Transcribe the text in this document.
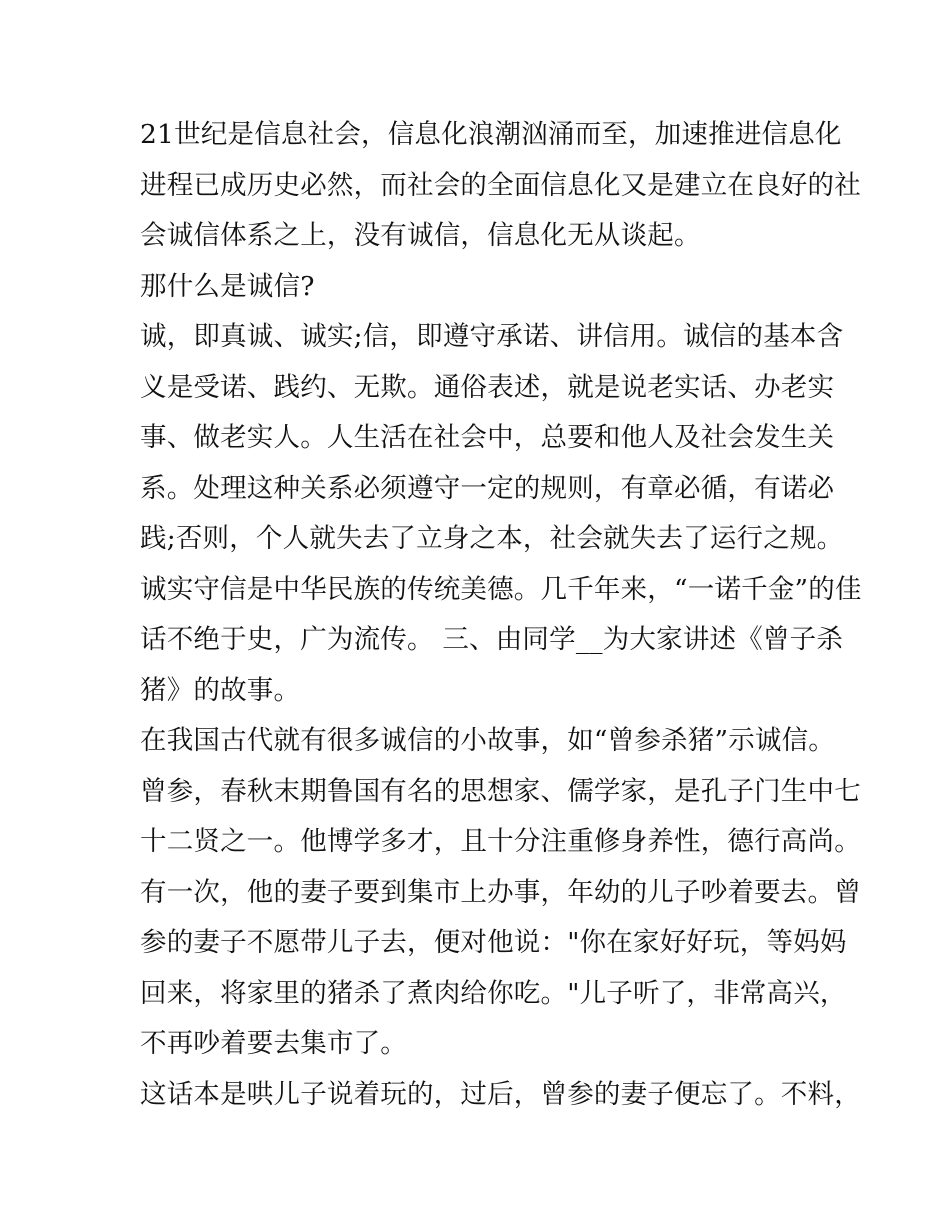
21世纪是信息社会，信息化浪潮汹涌而至，加速推进信息化
进程已成历史必然，而社会的全面信息化又是建立在良好的社
会诚信体系之上，没有诚信，信息化无从谈起。

那什么是诚信?

诚，即真诚、诚实;信，即遵守承诺、讲信用。诚信的基本含
义是受诺、践约、无欺。通俗表述，就是说老实话、办老实
事、做老实人。人生活在社会中，总要和他人及社会发生关
系。处理这种关系必须遵守一定的规则，有章必循，有诺必
践;否则，个人就失去了立身之本，社会就失去了运行之规。
诚实守信是中华民族的传统美德。几千年来，“一诺千金”的佳
话不绝于史，广为流传。 三、由同学__为大家讲述《曾子杀
猪》的故事。

在我国古代就有很多诚信的小故事，如“曾参杀猪”示诚信。

曾参，春秋末期鲁国有名的思想家、儒学家，是孔子门生中七
十二贤之一。他博学多才，且十分注重修身养性，德行高尚。
有一次，他的妻子要到集市上办事，年幼的儿子吵着要去。曾
参的妻子不愿带儿子去，便对他说："你在家好好玩，等妈妈
回来，将家里的猪杀了煮肉给你吃。"儿子听了，非常高兴，
不再吵着要去集市了。

这话本是哄儿子说着玩的，过后，曾参的妻子便忘了。不料，
